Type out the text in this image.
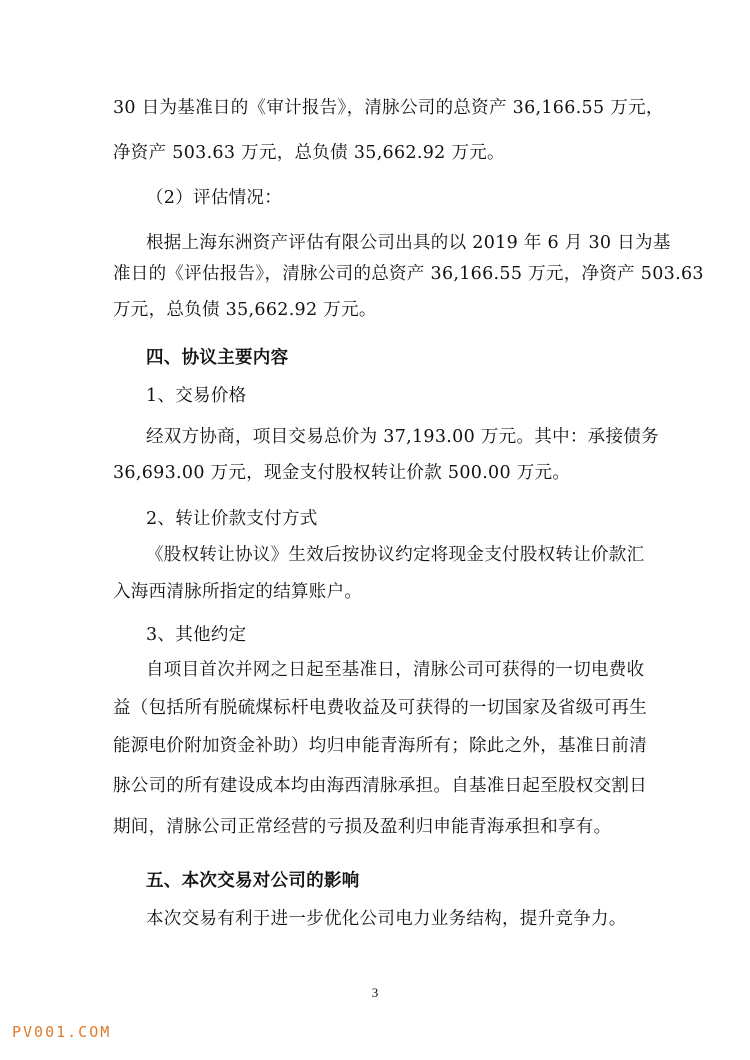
30 日为基准日的《审计报告》，清脉公司的总资产 36,166.55 万元，
净资产 503.63 万元，总负债 35,662.92 万元。
（2）评估情况：
根据上海东洲资产评估有限公司出具的以 2019 年 6 月 30 日为基
准日的《评估报告》，清脉公司的总资产 36,166.55 万元，净资产 503.63
万元，总负债 35,662.92 万元。
四、协议主要内容
1、交易价格
经双方协商，项目交易总价为 37,193.00 万元。其中：承接债务
36,693.00 万元，现金支付股权转让价款 500.00 万元。
2、转让价款支付方式
《股权转让协议》生效后按协议约定将现金支付股权转让价款汇
入海西清脉所指定的结算账户。
3、其他约定
自项目首次并网之日起至基准日，清脉公司可获得的一切电费收
益（包括所有脱硫煤标杆电费收益及可获得的一切国家及省级可再生
能源电价附加资金补助）均归申能青海所有；除此之外，基准日前清
脉公司的所有建设成本均由海西清脉承担。自基准日起至股权交割日
期间，清脉公司正常经营的亏损及盈利归申能青海承担和享有。
五、本次交易对公司的影响
本次交易有利于进一步优化公司电力业务结构，提升竞争力。
3
PV001.COM
